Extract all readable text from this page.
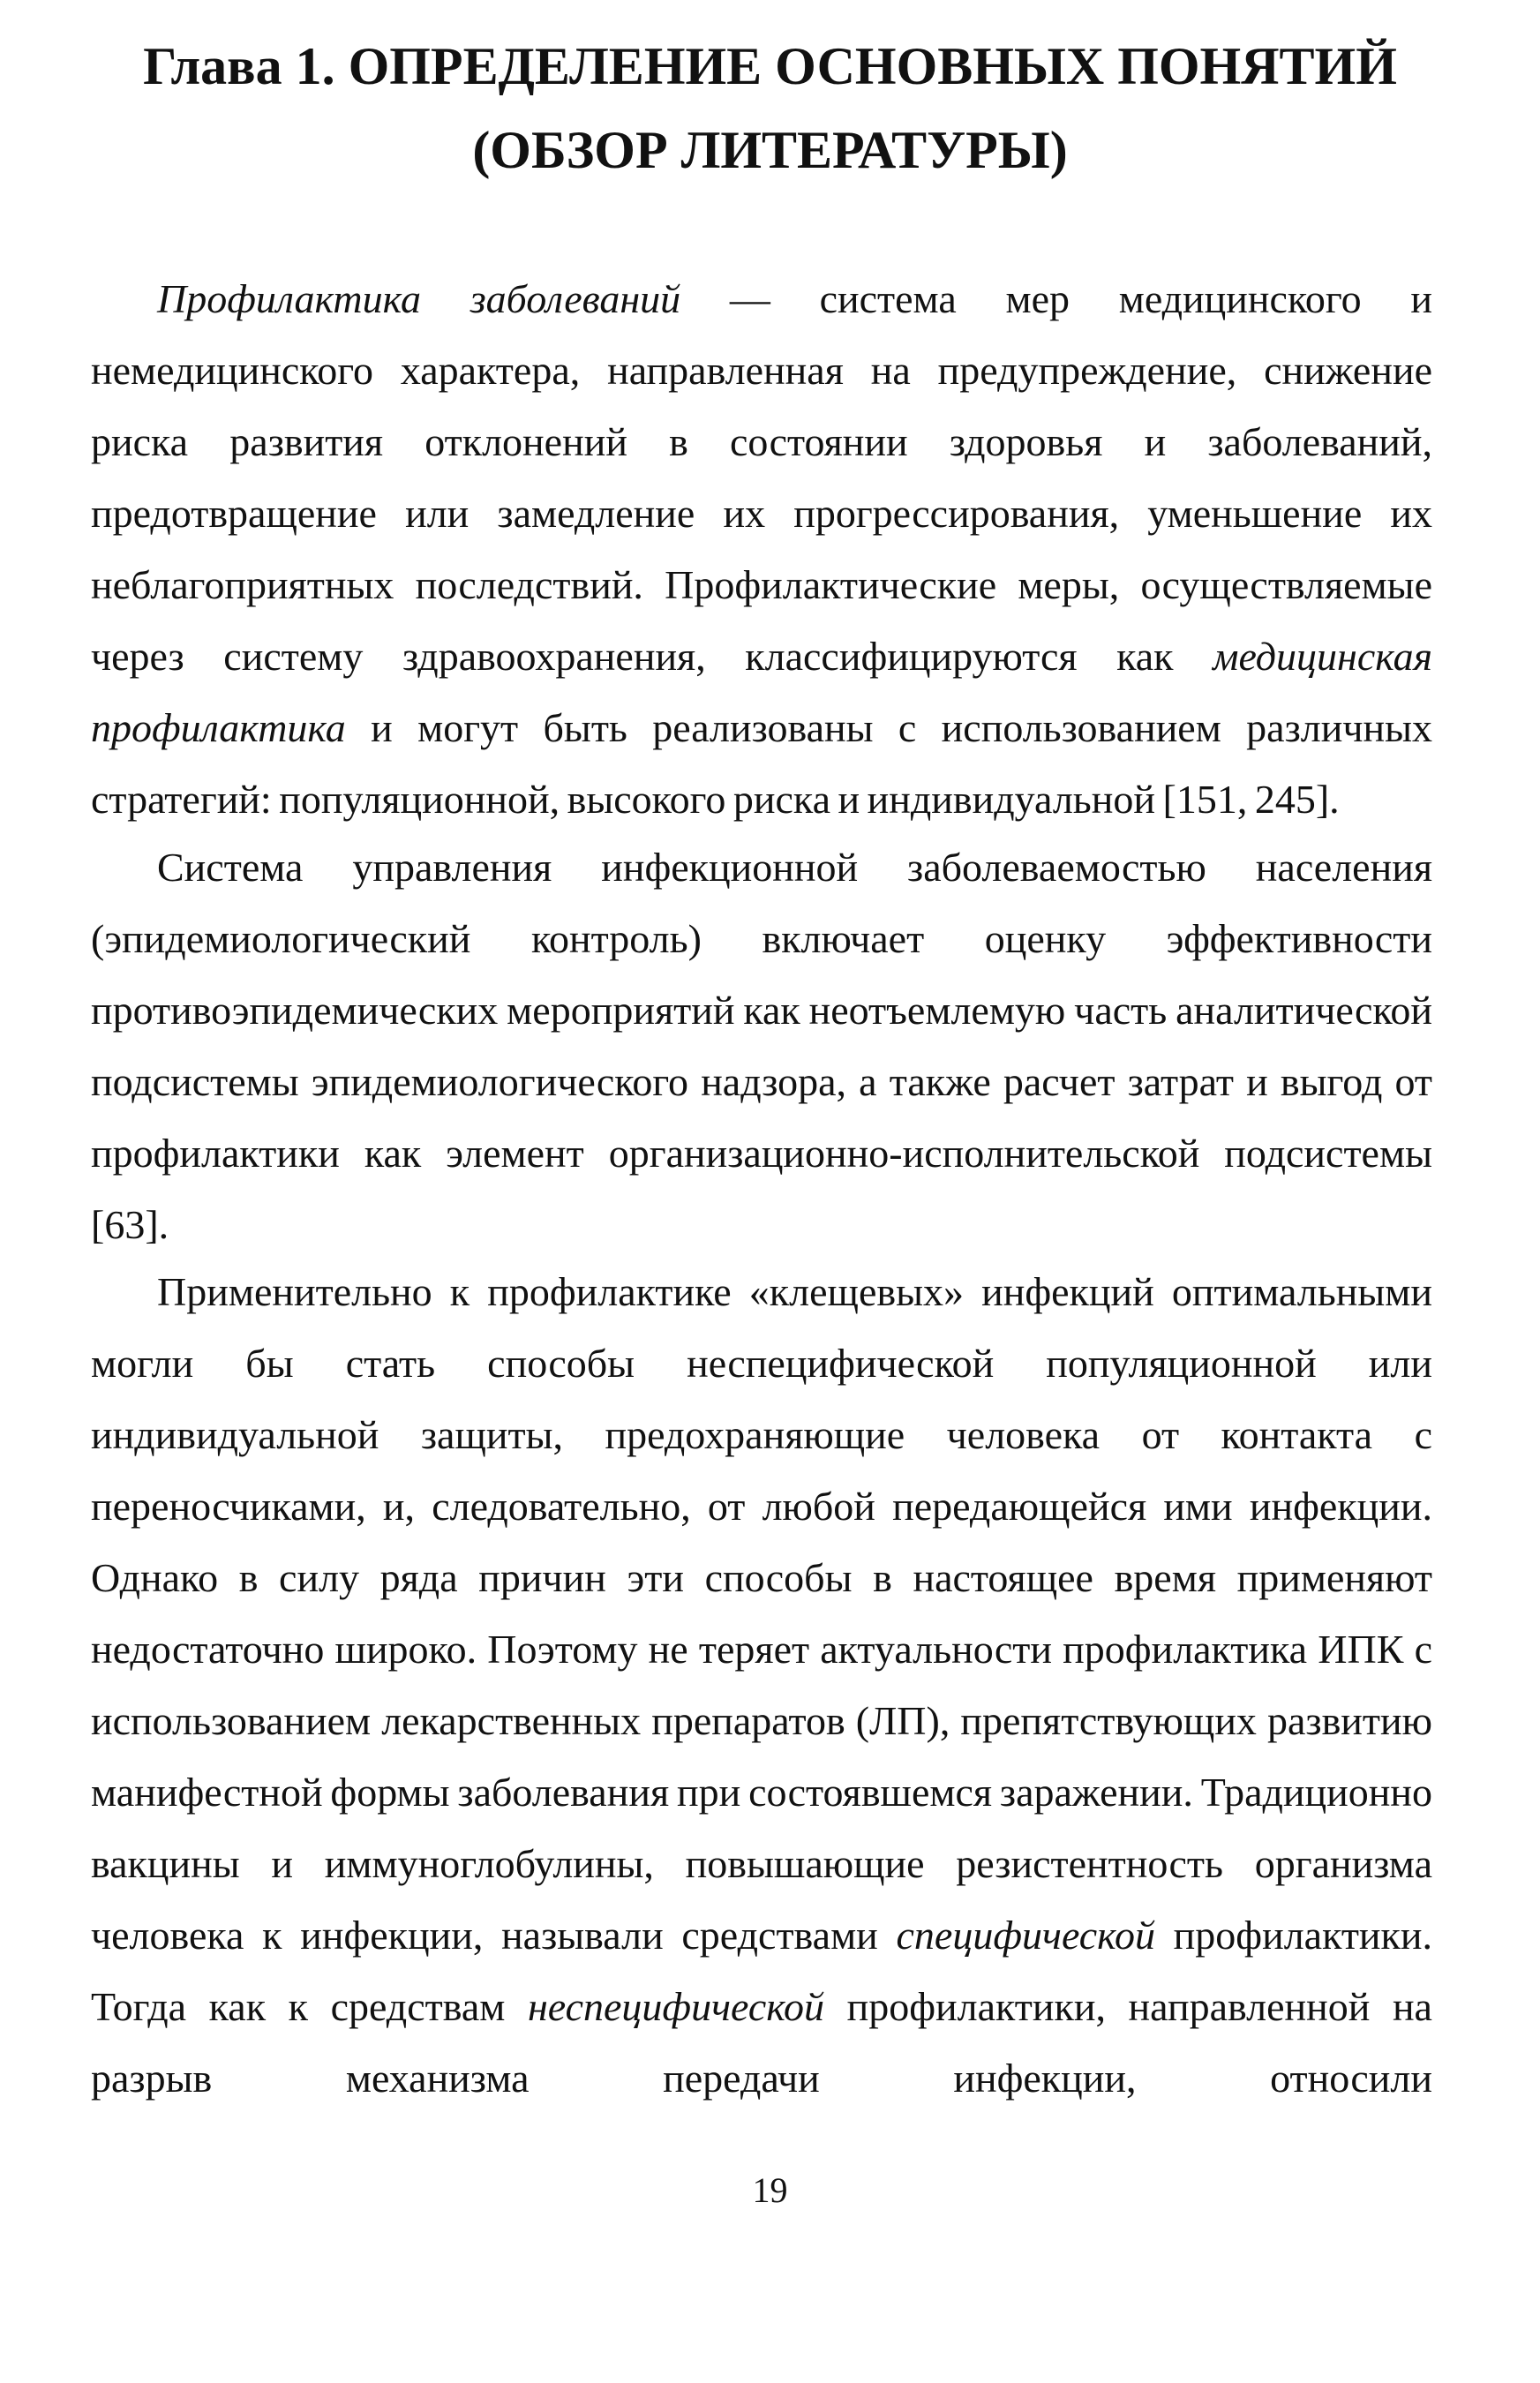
Глава 1. ОПРЕДЕЛЕНИЕ ОСНОВНЫХ ПОНЯТИЙ
(ОБЗОР ЛИТЕРАТУРЫ)

Профилактика заболеваний — система мер медицинского и немедицинского характера, направленная на предупреждение, снижение риска развития отклонений в состоянии здоровья и заболеваний, предотвращение или замедление их прогрессирования, уменьшение их неблагоприятных последствий. Профилактические меры, осуществляемые через систему здравоохранения, классифицируются как медицинская профилактика и могут быть реализованы с использованием различных стратегий: популяционной, высокого риска и индивидуальной [151, 245].

Система управления инфекционной заболеваемостью населения (эпидемиологический контроль) включает оценку эффективности противоэпидемических мероприятий как неотъемлемую часть аналитической подсистемы эпидемиологического надзора, а также расчет затрат и выгод от профилактики как элемент организационно-исполнительской подсистемы [63].

Применительно к профилактике «клещевых» инфекций оптимальными могли бы стать способы неспецифической популяционной или индивидуальной защиты, предохраняющие человека от контакта с переносчиками, и, следовательно, от любой передающейся ими инфекции. Однако в силу ряда причин эти способы в настоящее время применяют недостаточно широко. Поэтому не теряет актуальности профилактика ИПК с использованием лекарственных препаратов (ЛП), препятствующих развитию манифестной формы заболевания при состоявшемся заражении. Традиционно вакцины и иммуноглобулины, повышающие резистентность организма человека к инфекции, называли средствами специфической профилактики. Тогда как к средствам неспецифической профилактики, направленной на разрыв механизма передачи инфекции, относили

19
